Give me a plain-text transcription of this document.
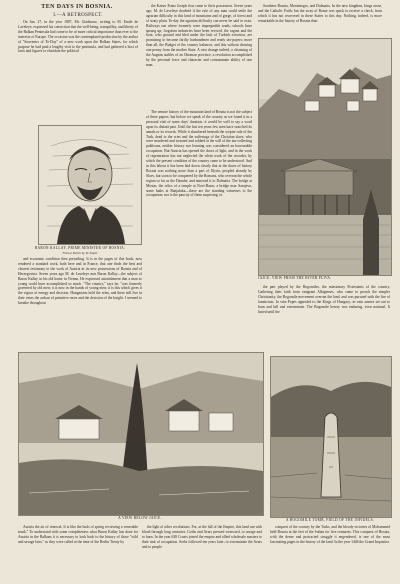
TEN DAYS IN BOSNIA.
I.—A RETROSPECT.

On Jan. 27, in the year 1887, Mr. Gladstone, writing to M. Emile de Laveleye, expressed his conviction that the well-being, tranquillity, and liberty of the Balkan Peninsula had come to be of more critical importance than ever to the interests of Europe. The occasion was the contemplated production by the author of "Souvenirs of To-Day" of a new work upon the Balkan States, for which purpose he had paid a lengthy visit to the peninsula, and had gathered a host of facts and figures to elucidate the political

BARON KALLAY, PRIME MINISTER OF BOSNIA.
From a Sketch by W. Small.

and economic condition then prevailing. It is in the pages of this book, now rendered a standard work, both here and in France, that one finds the best and clearest testimony to the work of Austria in its new possessions of Bosnia and of Herzegovina. Seven years ago M. de Laveleye met Baron Kallay—the subject of Baron Kallay in his old home in Vienna. He expressed astonishment that a man so young could have accomplished so much. "The country," says he, "was formerly governed by old men; it is now in the hands of young men; it is this which gives it the vigour of energy and decision. Hungarians hold the reins, and there still live in their veins the ardour of primitive races and the decision of the knight. I seemed to breathe throughout

the Kaiser Franz Joseph first came to their possession. Seven years ago, M. de Laveleye doubted if the rule of any man could settle the agrarian difficulty in this land of mountains and of gorge, of forest and of stony plain. To-day the agrarian difficulty can never be said to exist. Railways run where formerly were impregnable roads; schools have sprung up; forgotten industries have been revived, the ragout and the boot, who ground and bled under the lash of Turkish extortion, are promising to become thrifty husbandmen and ready tax-payers; more than all, the Budget of the country balances, and this without drawing one penny from the mother State. A vast change indeed, a cleansing of the Augean stables of an Ottoman province, a revolution accomplished by the personal force and character and consummate ability of one man.

The remote history of the mountain land of Bosnia is not the subject of these papers; but before we speak of the country as we found it in a personal visit of some days' duration, it would be well to say a word upon its distant past. Until the last ten years few men have searched its annals or its records. While it slumbered beneath the sceptre rule of the Turk, dead to the cries and the sufferings of the Christian slave, who were murdered and tortured and robbed at the will of the tax-collecting publicans, neither history nor learning was considered an honourable occupation. But Austria has opened the doors of light, and in the work of regeneration has not neglected the silent work of the recorder, by which the present condition of the country came to be understood. And in this labour it has been laid down clearly that at the dawn of history Bosnia was nothing more than a part of Illyria, peopled already by Slavs, but soon to be conquered by the Romans, who overran the whole region so far as the Danube, and annexed it to Dalmatia. The bridge at Mostar, the relics of a temple at Novi-Bazar, a bridge near Sarajevo, some baths at Banjaluka—these are the standing witnesses to the occupation; nor is the paucity of them surprising, in

Southern Bosnia, Montenegro, and Dalmatia. In the new kingdom, kings arose, and the Catholic Faith; but the sway of Rome was quick to receive a check, from which it has not recovered in these States to this day. Nothing, indeed, is more remarkable in the history of Bosnia than

JAJCE: VIEW FROM THE RIVER PLIVA.

the part played by the Bogomiles, the missionary Protestants of the country. Gathering their faith from emigrant Albigenses, who came to preach the simpler Christianity, the Bogomile movement overran the land, and was pursued with the fire of fanaticism. In vain Popes appealed to the Kings of Hungary; in vain armies set out to burn and kill and exterminate. The Bogomile heresy was enduring, even national. It lasted until the

A VIEW BELOW JAJCE.	A BOGOMILE TOMB, FIELD OF THE INFIDELS.

Austria the air of renewal. It is like the buds of spring reviewing a venerable trunk." To understand with some completeness what Baron Kallay has done for Austria in the Balkans it is necessary to look back to the history of those "wild and savage lairs," as they were called at the time of the Berlin Treaty by

the light of other revolutions. For, at the fall of the Empire, this land ran with blood through long centuries. Goths and Avars pressed westward, to ravage and to burn. In the year 638 Croats joined the empire and allied wholesale masters to their task of occupation. Serbs followed ten years later; to exterminate the Avars and to people

conquest of the country by the Turks, and the bloody victories of Mohammed held Bosnia at the feet of the Sultan for five centuries. This conquest of Bosnia, with the dense and protracted struggle it engendered, is one of the most fascinating pages in the history of the land. In the year 1446 the Grand Inquisitor
